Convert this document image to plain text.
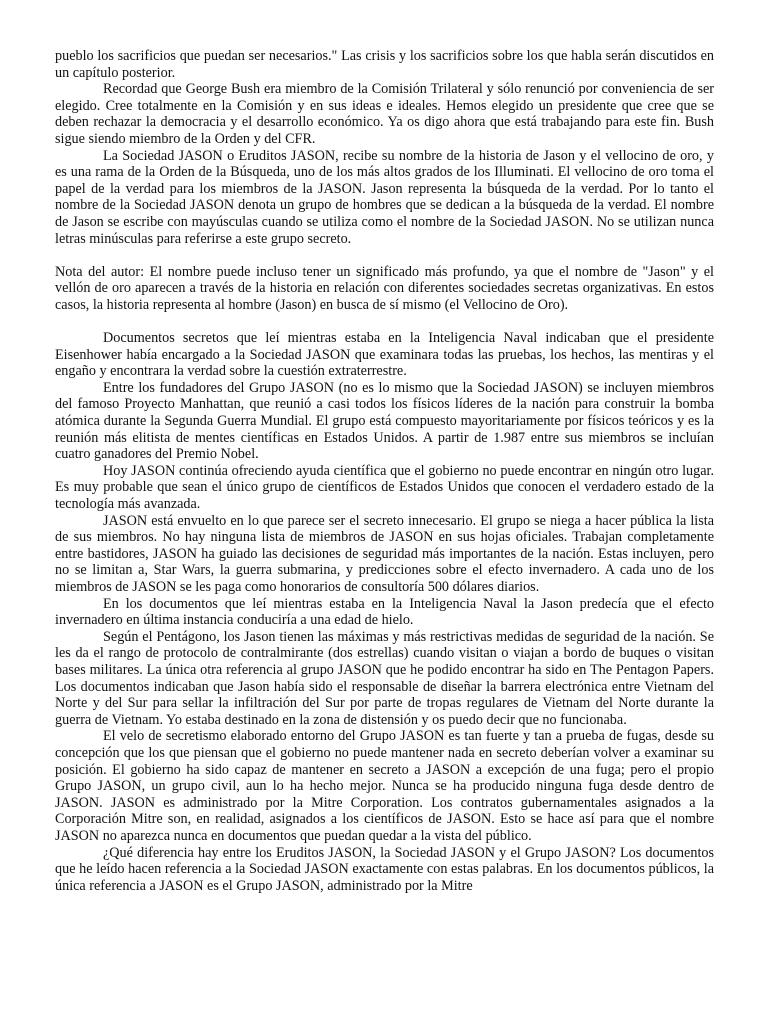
pueblo los sacrificios que puedan ser necesarios." Las crisis y los sacrificios sobre los que habla serán discutidos en un capítulo posterior.

Recordad que George Bush era miembro de la Comisión Trilateral y sólo renunció por conveniencia de ser elegido. Cree totalmente en la Comisión y en sus ideas e ideales. Hemos elegido un presidente que cree que se deben rechazar la democracia y el desarrollo económico. Ya os digo ahora que está trabajando para este fin. Bush sigue siendo miembro de la Orden y del CFR.

La Sociedad JASON o Eruditos JASON, recibe su nombre de la historia de Jason y el vellocino de oro, y es una rama de la Orden de la Búsqueda, uno de los más altos grados de los Illuminati. El vellocino de oro toma el papel de la verdad para los miembros de la JASON. Jason representa la búsqueda de la verdad. Por lo tanto el nombre de la Sociedad JASON denota un grupo de hombres que se dedican a la búsqueda de la verdad. El nombre de Jason se escribe con mayúsculas cuando se utiliza como el nombre de la Sociedad JASON. No se utilizan nunca letras minúsculas para referirse a este grupo secreto.

Nota del autor: El nombre puede incluso tener un significado más profundo, ya que el nombre de "Jason" y el vellón de oro aparecen a través de la historia en relación con diferentes sociedades secretas organizativas. En estos casos, la historia representa al hombre (Jason) en busca de sí mismo (el Vellocino de Oro).

Documentos secretos que leí mientras estaba en la Inteligencia Naval indicaban que el presidente Eisenhower había encargado a la Sociedad JASON que examinara todas las pruebas, los hechos, las mentiras y el engaño y encontrara la verdad sobre la cuestión extraterrestre.

Entre los fundadores del Grupo JASON (no es lo mismo que la Sociedad JASON) se incluyen miembros del famoso Proyecto Manhattan, que reunió a casi todos los físicos líderes de la nación para construir la bomba atómica durante la Segunda Guerra Mundial. El grupo está compuesto mayoritariamente por físicos teóricos y es la reunión más elitista de mentes científicas en Estados Unidos. A partir de 1.987 entre sus miembros se incluían cuatro ganadores del Premio Nobel.

Hoy JASON continúa ofreciendo ayuda científica que el gobierno no puede encontrar en ningún otro lugar. Es muy probable que sean el único grupo de científicos de Estados Unidos que conocen el verdadero estado de la tecnología más avanzada.

JASON está envuelto en lo que parece ser el secreto innecesario. El grupo se niega a hacer pública la lista de sus miembros. No hay ninguna lista de miembros de JASON en sus hojas oficiales. Trabajan completamente entre bastidores, JASON ha guiado las decisiones de seguridad más importantes de la nación. Estas incluyen, pero no se limitan a, Star Wars, la guerra submarina, y predicciones sobre el efecto invernadero. A cada uno de los miembros de JASON se les paga como honorarios de consultoría 500 dólares diarios.

En los documentos que leí mientras estaba en la Inteligencia Naval la Jason predecía que el efecto invernadero en última instancia conduciría a una edad de hielo.

Según el Pentágono, los Jason tienen las máximas y más restrictivas medidas de seguridad de la nación. Se les da el rango de protocolo de contralmirante (dos estrellas) cuando visitan o viajan a bordo de buques o visitan bases militares. La única otra referencia al grupo JASON que he podido encontrar ha sido en The Pentagon Papers. Los documentos indicaban que Jason había sido el responsable de diseñar la barrera electrónica entre Vietnam del Norte y del Sur para sellar la infiltración del Sur por parte de tropas regulares de Vietnam del Norte durante la guerra de Vietnam. Yo estaba destinado en la zona de distensión y os puedo decir que no funcionaba.

El velo de secretismo elaborado entorno del Grupo JASON es tan fuerte y tan a prueba de fugas, desde su concepción que los que piensan que el gobierno no puede mantener nada en secreto deberían volver a examinar su posición. El gobierno ha sido capaz de mantener en secreto a JASON a excepción de una fuga; pero el propio Grupo JASON, un grupo civil, aun lo ha hecho mejor. Nunca se ha producido ninguna fuga desde dentro de JASON. JASON es administrado por la Mitre Corporation. Los contratos gubernamentales asignados a la Corporación Mitre son, en realidad, asignados a los científicos de JASON. Esto se hace así para que el nombre JASON no aparezca nunca en documentos que puedan quedar a la vista del público.

¿Qué diferencia hay entre los Eruditos JASON, la Sociedad JASON y el Grupo JASON? Los documentos que he leído hacen referencia a la Sociedad JASON exactamente con estas palabras. En los documentos públicos, la única referencia a JASON es el Grupo JASON, administrado por la Mitre
